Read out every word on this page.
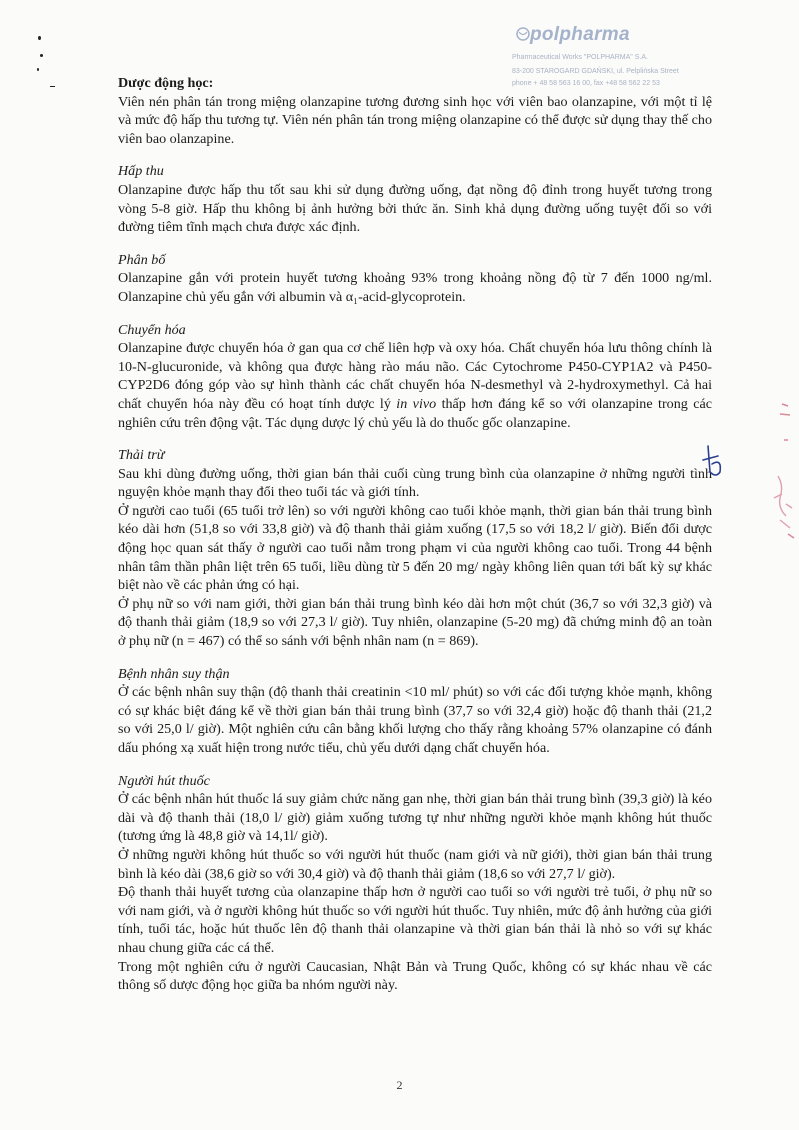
polpharma
Pharmaceutical Works "POLPHARMA" S.A.
83-200 STAROGARD GDAŃSKI, ul. Pelplińska Street
phone + 48 58 563 16 00, fax +48 58 562 22 53

Dược động học:

Viên nén phân tán trong miệng olanzapine tương đương sinh học với viên bao olanzapine, với một tỉ lệ và mức độ hấp thu tương tự. Viên nén phân tán trong miệng olanzapine có thể được sử dụng thay thế cho viên bao olanzapine.

Hấp thu

Olanzapine được hấp thu tốt sau khi sử dụng đường uống, đạt nồng độ đỉnh trong huyết tương trong vòng 5-8 giờ. Hấp thu không bị ảnh hưởng bởi thức ăn. Sinh khả dụng đường uống tuyệt đối so với đường tiêm tĩnh mạch chưa được xác định.

Phân bố

Olanzapine gắn với protein huyết tương khoảng 93% trong khoảng nồng độ từ 7 đến 1000 ng/ml. Olanzapine chủ yếu gắn với albumin và α₁-acid-glycoprotein.

Chuyển hóa

Olanzapine được chuyển hóa ở gan qua cơ chế liên hợp và oxy hóa. Chất chuyển hóa lưu thông chính là 10-N-glucuronide, và không qua được hàng rào máu não. Các Cytochrome P450-CYP1A2 và P450-CYP2D6 đóng góp vào sự hình thành các chất chuyển hóa N-desmethyl và 2-hydroxymethyl. Cả hai chất chuyển hóa này đều có hoạt tính dược lý in vivo thấp hơn đáng kể so với olanzapine trong các nghiên cứu trên động vật. Tác dụng dược lý chủ yếu là do thuốc gốc olanzapine.

Thải trừ

Sau khi dùng đường uống, thời gian bán thải cuối cùng trung bình của olanzapine ở những người tình nguyện khỏe mạnh thay đổi theo tuổi tác và giới tính.

Ở người cao tuổi (65 tuổi trở lên) so với người không cao tuổi khỏe mạnh, thời gian bán thải trung bình kéo dài hơn (51,8 so với 33,8 giờ) và độ thanh thải giảm xuống (17,5 so với 18,2 l/ giờ). Biến đổi dược động học quan sát thấy ở người cao tuổi nằm trong phạm vi của người không cao tuổi. Trong 44 bệnh nhân tâm thần phân liệt trên 65 tuổi, liều dùng từ 5 đến 20 mg/ ngày không liên quan tới bất kỳ sự khác biệt nào về các phản ứng có hại.

Ở phụ nữ so với nam giới, thời gian bán thải trung bình kéo dài hơn một chút (36,7 so với 32,3 giờ) và độ thanh thải giảm (18,9 so với 27,3 l/ giờ). Tuy nhiên, olanzapine (5-20 mg) đã chứng minh độ an toàn ở phụ nữ (n = 467) có thể so sánh với bệnh nhân nam (n = 869).

Bệnh nhân suy thận

Ở các bệnh nhân suy thận (độ thanh thải creatinin <10 ml/ phút) so với các đối tượng khỏe mạnh, không có sự khác biệt đáng kể về thời gian bán thải trung bình (37,7 so với 32,4 giờ) hoặc độ thanh thải (21,2 so với 25,0 l/ giờ). Một nghiên cứu cân bằng khối lượng cho thấy rằng khoảng 57% olanzapine có đánh dấu phóng xạ xuất hiện trong nước tiểu, chủ yếu dưới dạng chất chuyển hóa.

Người hút thuốc

Ở các bệnh nhân hút thuốc lá suy giảm chức năng gan nhẹ, thời gian bán thải trung bình (39,3 giờ) là kéo dài và độ thanh thải (18,0 l/ giờ) giảm xuống tương tự như những người khỏe mạnh không hút thuốc (tương ứng là 48,8 giờ và 14,1l/ giờ).

Ở những người không hút thuốc so với người hút thuốc (nam giới và nữ giới), thời gian bán thải trung bình là kéo dài (38,6 giờ so với 30,4 giờ) và độ thanh thải giảm (18,6 so với 27,7 l/ giờ).

Độ thanh thải huyết tương của olanzapine thấp hơn ở người cao tuổi so với người trẻ tuổi, ở phụ nữ so với nam giới, và ở người không hút thuốc so với người hút thuốc. Tuy nhiên, mức độ ảnh hưởng của giới tính, tuổi tác, hoặc hút thuốc lên độ thanh thải olanzapine và thời gian bán thải là nhỏ so với sự khác nhau chung giữa các cá thể.

Trong một nghiên cứu ở người Caucasian, Nhật Bản và Trung Quốc, không có sự khác nhau về các thông số dược động học giữa ba nhóm người này.

2
